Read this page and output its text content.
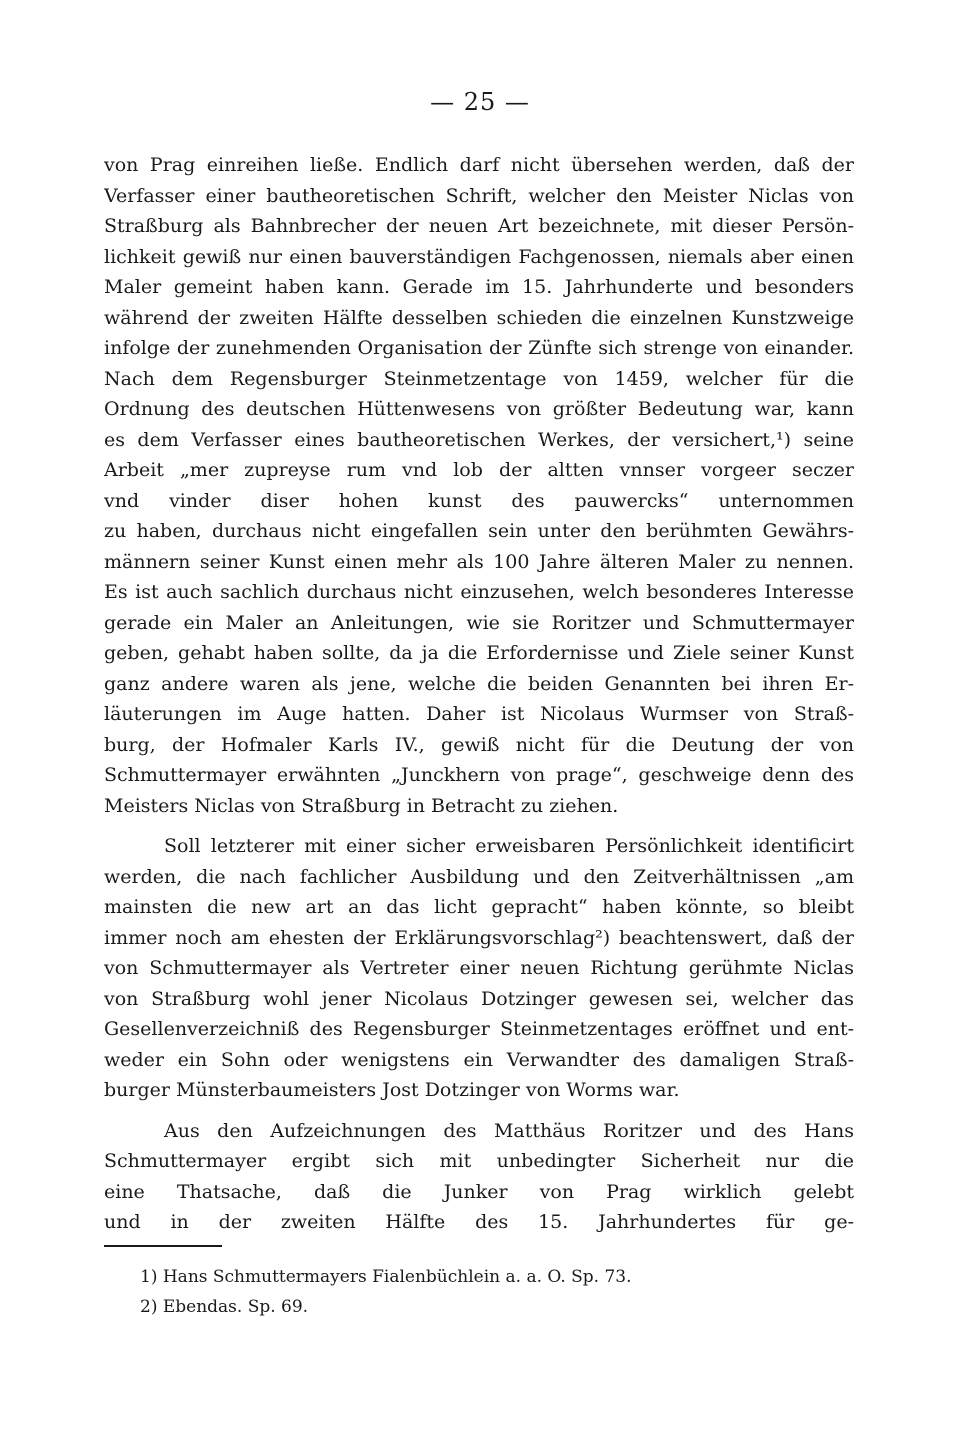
— 25 —
von Prag einreihen ließe. Endlich darf nicht übersehen werden, daß der
Verfasser einer bautheoretischen Schrift, welcher den Meister Niclas von
Straßburg als Bahnbrecher der neuen Art bezeichnete, mit dieser Persön-
lichkeit gewiß nur einen bauverständigen Fachgenossen, niemals aber einen
Maler gemeint haben kann. Gerade im 15. Jahrhunderte und besonders
während der zweiten Hälfte desselben schieden die einzelnen Kunstzweige
infolge der zunehmenden Organisation der Zünfte sich strenge von einander.
Nach dem Regensburger Steinmetzentage von 1459, welcher für die
Ordnung des deutschen Hüttenwesens von größter Bedeutung war, kann
es dem Verfasser eines bautheoretischen Werkes, der versichert,¹) seine
Arbeit „mer zupreyse rum vnd lob der altten vnnser vorgeer seczer
vnd vinder diser hohen kunst des pauwercks“ unternommen
zu haben, durchaus nicht eingefallen sein unter den berühmten Gewährs-
männern seiner Kunst einen mehr als 100 Jahre älteren Maler zu nennen.
Es ist auch sachlich durchaus nicht einzusehen, welch besonderes Interesse
gerade ein Maler an Anleitungen, wie sie Roritzer und Schmuttermayer
geben, gehabt haben sollte, da ja die Erfordernisse und Ziele seiner Kunst
ganz andere waren als jene, welche die beiden Genannten bei ihren Er-
läuterungen im Auge hatten. Daher ist Nicolaus Wurmser von Straß-
burg, der Hofmaler Karls IV., gewiß nicht für die Deutung der von
Schmuttermayer erwähnten „Junckhern von prage“, geschweige denn des
Meisters Niclas von Straßburg in Betracht zu ziehen.
Soll letzterer mit einer sicher erweisbaren Persönlichkeit identificirt
werden, die nach fachlicher Ausbildung und den Zeitverhältnissen „am
mainsten die new art an das licht gepracht“ haben könnte, so bleibt
immer noch am ehesten der Erklärungsvorschlag²) beachtenswert, daß der
von Schmuttermayer als Vertreter einer neuen Richtung gerühmte Niclas
von Straßburg wohl jener Nicolaus Dotzinger gewesen sei, welcher das
Gesellenverzeichniß des Regensburger Steinmetzentages eröffnet und ent-
weder ein Sohn oder wenigstens ein Verwandter des damaligen Straß-
burger Münsterbaumeisters Jost Dotzinger von Worms war.
Aus den Aufzeichnungen des Matthäus Roritzer und des Hans
Schmuttermayer ergibt sich mit unbedingter Sicherheit nur die
eine Thatsache, daß die Junker von Prag wirklich gelebt
und in der zweiten Hälfte des 15. Jahrhundertes für ge-
1) Hans Schmuttermayers Fialenbüchlein a. a. O. Sp. 73.
2) Ebendas. Sp. 69.
